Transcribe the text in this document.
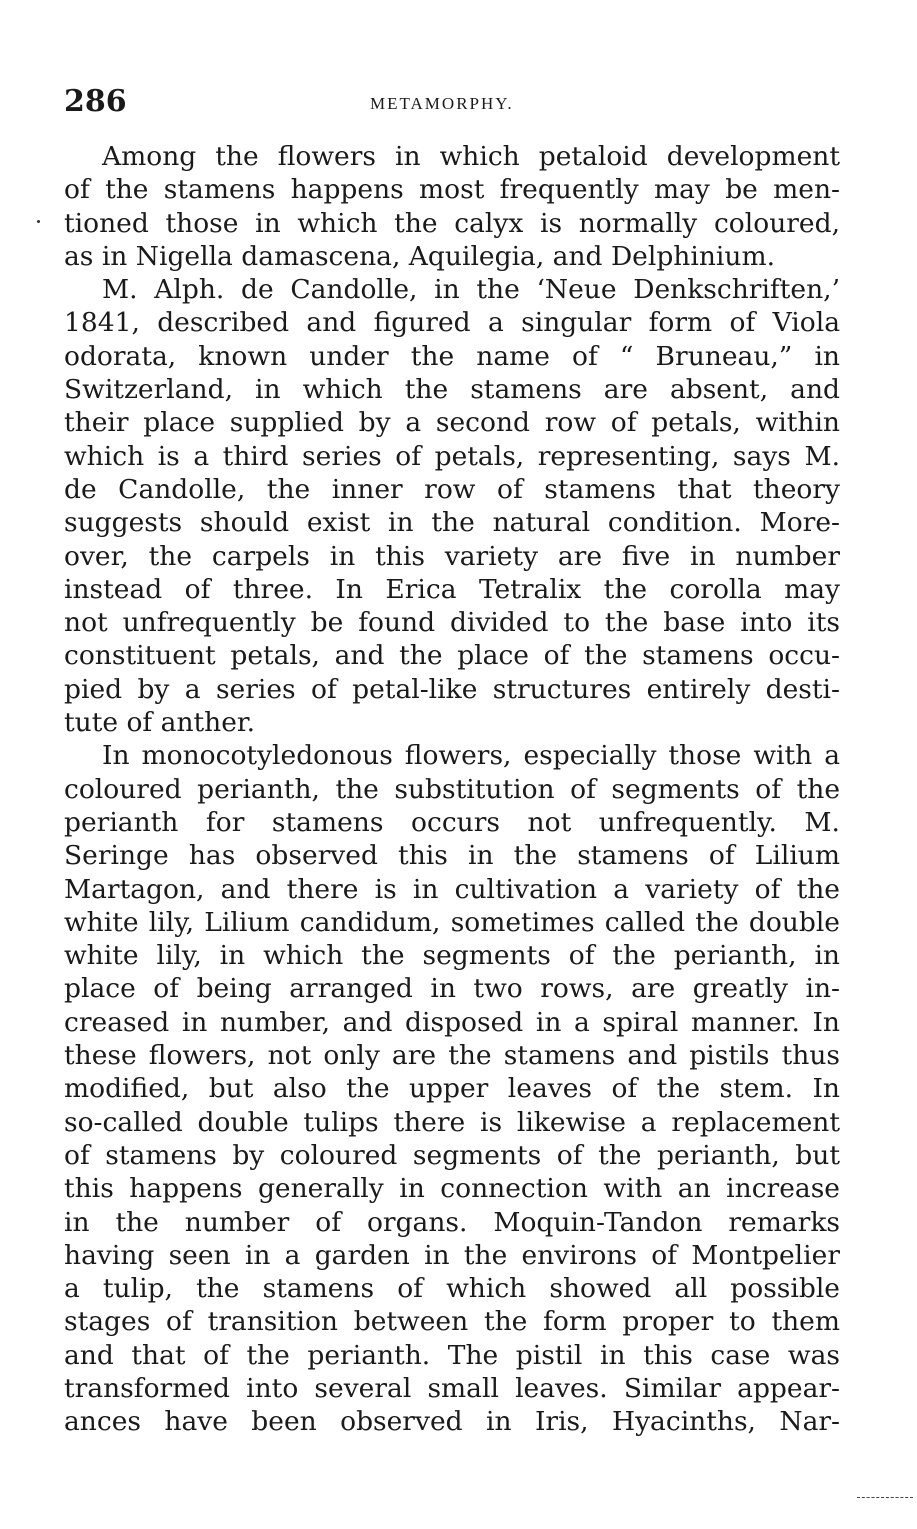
286	METAMORPHY.
Among the flowers in which petaloid development
of the stamens happens most frequently may be men-
tioned those in which the calyx is normally coloured,
as in Nigella damascena, Aquilegia, and Delphinium.
M. Alph. de Candolle, in the ‘Neue Denkschriften,’
1841, described and figured a singular form of Viola
odorata, known under the name of “ Bruneau,” in
Switzerland, in which the stamens are absent, and
their place supplied by a second row of petals, within
which is a third series of petals, representing, says M.
de Candolle, the inner row of stamens that theory
suggests should exist in the natural condition. More-
over, the carpels in this variety are five in number
instead of three. In Erica Tetralix the corolla may
not unfrequently be found divided to the base into its
constituent petals, and the place of the stamens occu-
pied by a series of petal-like structures entirely desti-
tute of anther.
In monocotyledonous flowers, especially those with a
coloured perianth, the substitution of segments of the
perianth for stamens occurs not unfrequently. M.
Seringe has observed this in the stamens of Lilium
Martagon, and there is in cultivation a variety of the
white lily, Lilium candidum, sometimes called the double
white lily, in which the segments of the perianth, in
place of being arranged in two rows, are greatly in-
creased in number, and disposed in a spiral manner. In
these flowers, not only are the stamens and pistils thus
modified, but also the upper leaves of the stem. In
so-called double tulips there is likewise a replacement
of stamens by coloured segments of the perianth, but
this happens generally in connection with an increase
in the number of organs. Moquin-Tandon remarks
having seen in a garden in the environs of Montpelier
a tulip, the stamens of which showed all possible
stages of transition between the form proper to them
and that of the perianth. The pistil in this case was
transformed into several small leaves. Similar appear-
ances have been observed in Iris, Hyacinths, Nar-
